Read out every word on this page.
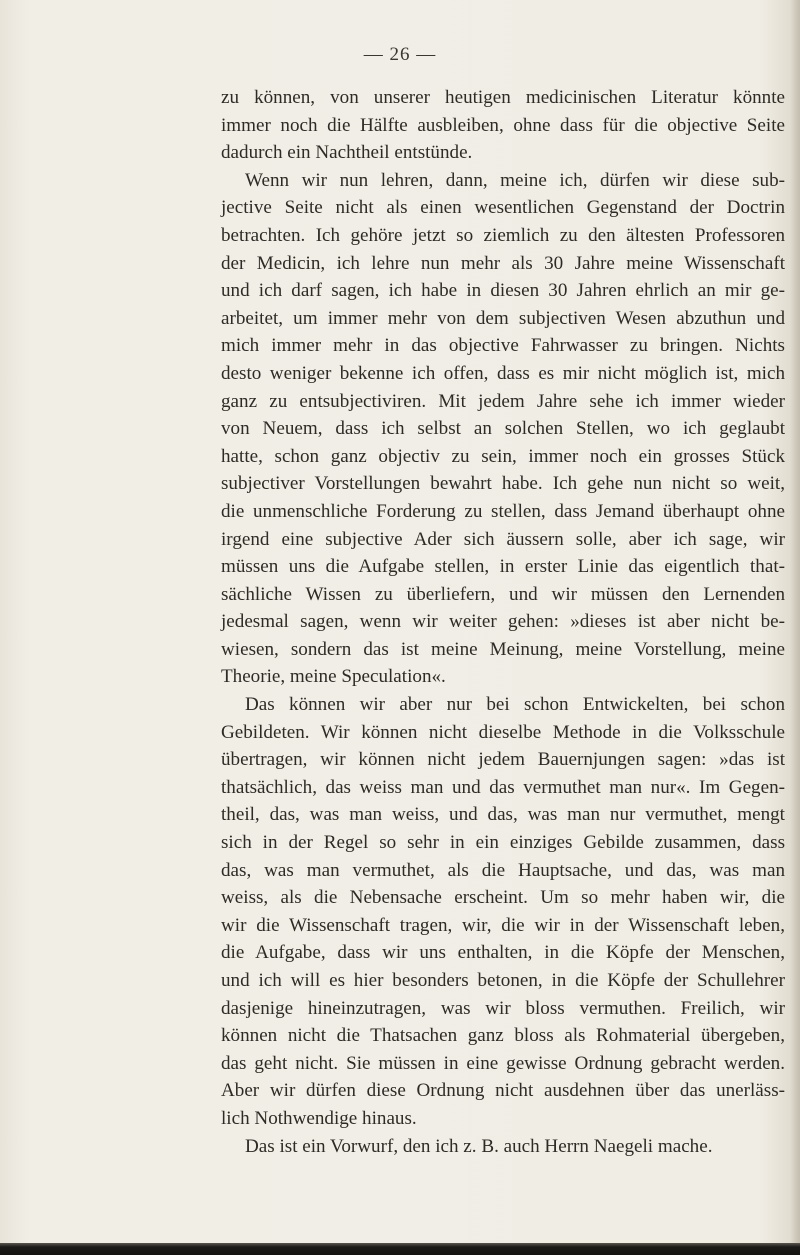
— 26 —
zu können, von unserer heutigen medicinischen Literatur könnte
immer noch die Hälfte ausbleiben, ohne dass für die objective Seite
dadurch ein Nachtheil entstünde.
Wenn wir nun lehren, dann, meine ich, dürfen wir diese sub-
jective Seite nicht als einen wesentlichen Gegenstand der Doctrin
betrachten. Ich gehöre jetzt so ziemlich zu den ältesten Professoren
der Medicin, ich lehre nun mehr als 30 Jahre meine Wissenschaft
und ich darf sagen, ich habe in diesen 30 Jahren ehrlich an mir ge-
arbeitet, um immer mehr von dem subjectiven Wesen abzuthun und
mich immer mehr in das objective Fahrwasser zu bringen. Nichts
desto weniger bekenne ich offen, dass es mir nicht möglich ist, mich
ganz zu entsubjectiviren. Mit jedem Jahre sehe ich immer wieder
von Neuem, dass ich selbst an solchen Stellen, wo ich geglaubt
hatte, schon ganz objectiv zu sein, immer noch ein grosses Stück
subjectiver Vorstellungen bewahrt habe. Ich gehe nun nicht so weit,
die unmenschliche Forderung zu stellen, dass Jemand überhaupt ohne
irgend eine subjective Ader sich äussern solle, aber ich sage, wir
müssen uns die Aufgabe stellen, in erster Linie das eigentlich that-
sächliche Wissen zu überliefern, und wir müssen den Lernenden
jedesmal sagen, wenn wir weiter gehen: »dieses ist aber nicht be-
wiesen, sondern das ist meine Meinung, meine Vorstellung, meine
Theorie, meine Speculation«.
Das können wir aber nur bei schon Entwickelten, bei schon
Gebildeten. Wir können nicht dieselbe Methode in die Volksschule
übertragen, wir können nicht jedem Bauernjungen sagen: »das ist
thatsächlich, das weiss man und das vermuthet man nur«. Im Gegen-
theil, das, was man weiss, und das, was man nur vermuthet, mengt
sich in der Regel so sehr in ein einziges Gebilde zusammen, dass
das, was man vermuthet, als die Hauptsache, und das, was man
weiss, als die Nebensache erscheint. Um so mehr haben wir, die
wir die Wissenschaft tragen, wir, die wir in der Wissenschaft leben,
die Aufgabe, dass wir uns enthalten, in die Köpfe der Menschen,
und ich will es hier besonders betonen, in die Köpfe der Schullehrer
dasjenige hineinzutragen, was wir bloss vermuthen. Freilich, wir
können nicht die Thatsachen ganz bloss als Rohmaterial übergeben,
das geht nicht. Sie müssen in eine gewisse Ordnung gebracht werden.
Aber wir dürfen diese Ordnung nicht ausdehnen über das unerläss-
lich Nothwendige hinaus.
Das ist ein Vorwurf, den ich z. B. auch Herrn Naegeli mache.
